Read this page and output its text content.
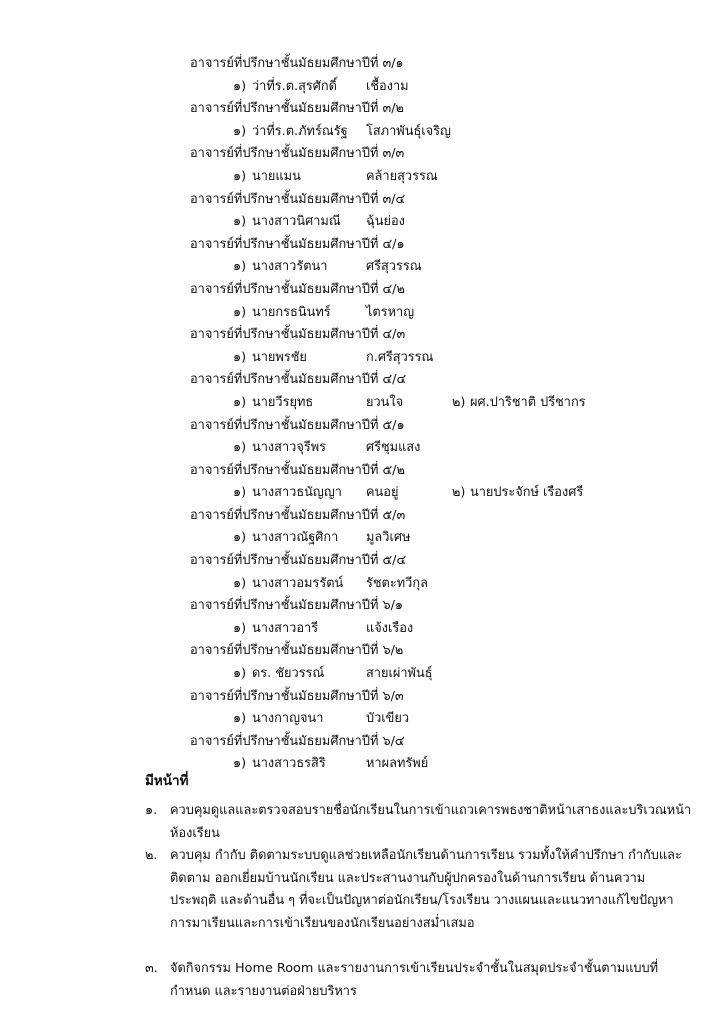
อาจารย์ที่ปรึกษาชั้นมัธยมศึกษาปีที่ ๓/๑
๑) ว่าที่ร.ต.สุรศักดิ์ เชื้องาม
อาจารย์ที่ปรึกษาชั้นมัธยมศึกษาปีที่ ๓/๒
๑) ว่าที่ร.ต.ภัทร์ณรัฐ โสภาพันธุ์เจริญ
อาจารย์ที่ปรึกษาชั้นมัธยมศึกษาปีที่ ๓/๓
๑) นายแมน	คล้ายสุวรรณ
อาจารย์ที่ปรึกษาชั้นมัธยมศึกษาปีที่ ๓/๔
๑) นางสาวนิศามณี ฉุ้นย่อง
อาจารย์ที่ปรึกษาชั้นมัธยมศึกษาปีที่ ๔/๑
๑) นางสาวรัตนา	ศรีสุวรรณ
อาจารย์ที่ปรึกษาชั้นมัธยมศึกษาปีที่ ๔/๒
๑) นายกรธนินทร์	ไตรหาญ
อาจารย์ที่ปรึกษาชั้นมัธยมศึกษาปีที่ ๔/๓
๑) นายพรชัย	ก.ศรีสุวรรณ
อาจารย์ที่ปรึกษาชั้นมัธยมศึกษาปีที่ ๔/๔
๑) นายวีรยุทธ	ยวนใจ	๒) ผศ.ปาริชาติ ปรีชากร
อาจารย์ที่ปรึกษาชั้นมัธยมศึกษาปีที่ ๕/๑
๑) นางสาวจุรีพร	ศรีชุมแสง
อาจารย์ที่ปรึกษาชั้นมัธยมศึกษาปีที่ ๕/๒
๑) นางสาวธนัญญา คนอยู่	๒) นายประจักษ์ เรืองศรี
อาจารย์ที่ปรึกษาชั้นมัธยมศึกษาปีที่ ๕/๓
๑) นางสาวณัฐศิกา มูลวิเศษ
อาจารย์ที่ปรึกษาชั้นมัธยมศึกษาปีที่ ๕/๔
๑) นางสาวอมรรัตน์ รัชตะทวีกุล
อาจารย์ที่ปรึกษาชั้นมัธยมศึกษาปีที่ ๖/๑
๑) นางสาวอารี	แจ้งเรือง
อาจารย์ที่ปรึกษาชั้นมัธยมศึกษาปีที่ ๖/๒
๑) ดร. ชัยวรรณ์	สายเผ่าพันธุ์
อาจารย์ที่ปรึกษาชั้นมัธยมศึกษาปีที่ ๖/๓
๑) นางกาญจนา	บัวเขียว
อาจารย์ที่ปรึกษาชั้นมัธยมศึกษาปีที่ ๖/๔
๑) นางสาวธรสิริ	หาผลทรัพย์
มีหน้าที่
๑. ควบคุมดูแลและตรวจสอบรายชื่อนักเรียนในการเข้าแถวเคารพธงชาติหน้าเสาธงและบริเวณหน้า
ห้องเรียน
๒. ควบคุม กำกับ ติดตามระบบดูแลช่วยเหลือนักเรียนด้านการเรียน รวมทั้งให้คำปรึกษา กำกับและ
ติดตาม ออกเยี่ยมบ้านนักเรียน และประสานงานกับผู้ปกครองในด้านการเรียน ด้านความ
ประพฤติ และด้านอื่น ๆ ที่จะเป็นปัญหาต่อนักเรียน/โรงเรียน วางแผนและแนวทางแก้ไขปัญหา
การมาเรียนและการเข้าเรียนของนักเรียนอย่างสม่ำเสมอ
๓. จัดกิจกรรม Home Room และรายงานการเข้าเรียนประจำชั้นในสมุดประจำชั้นตามแบบที่
กำหนด และรายงานต่อฝ่ายบริหาร
